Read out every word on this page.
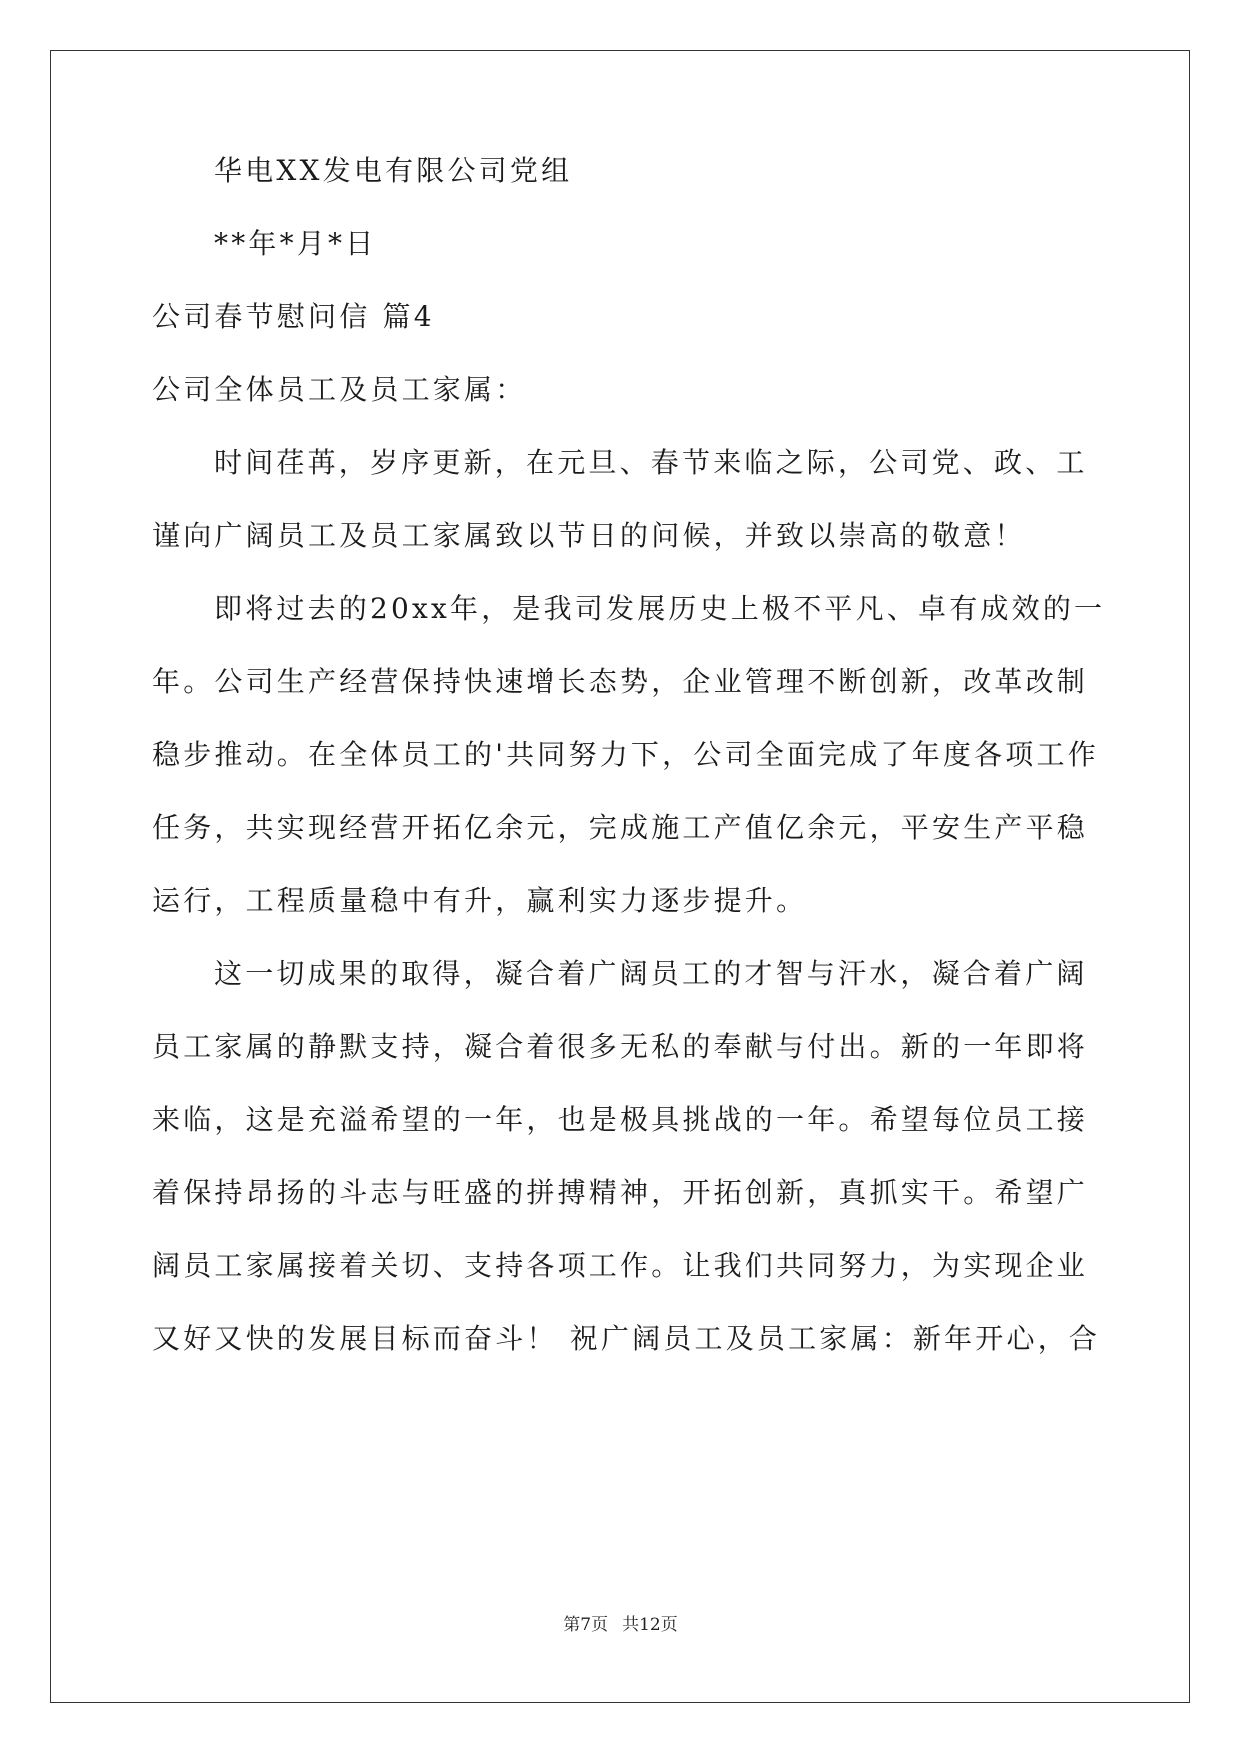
华电XX发电有限公司党组
**年*月*日
公司春节慰问信 篇4
公司全体员工及员工家属：
时间荏苒，岁序更新，在元旦、春节来临之际，公司党、政、工
谨向广阔员工及员工家属致以节日的问候，并致以崇高的敬意！
即将过去的20xx年，是我司发展历史上极不平凡、卓有成效的一
年。公司生产经营保持快速增长态势，企业管理不断创新，改革改制
稳步推动。在全体员工的'共同努力下，公司全面完成了年度各项工作
任务，共实现经营开拓亿余元，完成施工产值亿余元，平安生产平稳
运行，工程质量稳中有升，赢利实力逐步提升。
这一切成果的取得，凝合着广阔员工的才智与汗水，凝合着广阔
员工家属的静默支持，凝合着很多无私的奉献与付出。新的一年即将
来临，这是充溢希望的一年，也是极具挑战的一年。希望每位员工接
着保持昂扬的斗志与旺盛的拼搏精神，开拓创新，真抓实干。希望广
阔员工家属接着关切、支持各项工作。让我们共同努力，为实现企业
又好又快的发展目标而奋斗！ 祝广阔员工及员工家属：新年开心，合
第7页 共12页
